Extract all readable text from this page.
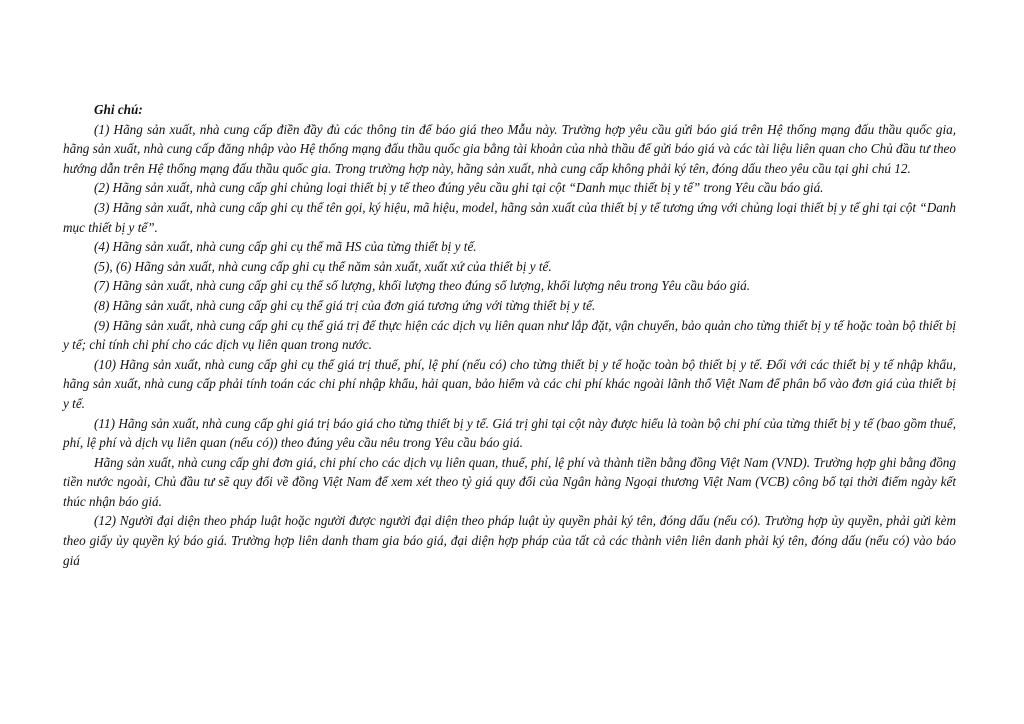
Ghi chú:

(1) Hãng sản xuất, nhà cung cấp điền đầy đủ các thông tin để báo giá theo Mẫu này. Trường hợp yêu cầu gửi báo giá trên Hệ thống mạng đấu thầu quốc gia, hãng sản xuất, nhà cung cấp đăng nhập vào Hệ thống mạng đấu thầu quốc gia bằng tài khoản của nhà thầu để gửi báo giá và các tài liệu liên quan cho Chủ đầu tư theo hướng dẫn trên Hệ thống mạng đấu thầu quốc gia. Trong trường hợp này, hãng sản xuất, nhà cung cấp không phải ký tên, đóng dấu theo yêu cầu tại ghi chú 12.

(2) Hãng sản xuất, nhà cung cấp ghi chủng loại thiết bị y tế theo đúng yêu cầu ghi tại cột “Danh mục thiết bị y tế” trong Yêu cầu báo giá.

(3) Hãng sản xuất, nhà cung cấp ghi cụ thể tên gọi, ký hiệu, mã hiệu, model, hãng sản xuất của thiết bị y tế tương ứng với chủng loại thiết bị y tế ghi tại cột “Danh mục thiết bị y tế”.

(4) Hãng sản xuất, nhà cung cấp ghi cụ thể mã HS của từng thiết bị y tế.

(5), (6) Hãng sản xuất, nhà cung cấp ghi cụ thể năm sản xuất, xuất xứ của thiết bị y tế.

(7) Hãng sản xuất, nhà cung cấp ghi cụ thể số lượng, khối lượng theo đúng số lượng, khối lượng nêu trong Yêu cầu báo giá.

(8) Hãng sản xuất, nhà cung cấp ghi cụ thể giá trị của đơn giá tương ứng với từng thiết bị y tế.

(9) Hãng sản xuất, nhà cung cấp ghi cụ thể giá trị để thực hiện các dịch vụ liên quan như lắp đặt, vận chuyển, bảo quản cho từng thiết bị y tế hoặc toàn bộ thiết bị y tế; chỉ tính chi phí cho các dịch vụ liên quan trong nước.

(10) Hãng sản xuất, nhà cung cấp ghi cụ thể giá trị thuế, phí, lệ phí (nếu có) cho từng thiết bị y tế hoặc toàn bộ thiết bị y tế. Đối với các thiết bị y tế nhập khẩu, hãng sản xuất, nhà cung cấp phải tính toán các chi phí nhập khẩu, hải quan, bảo hiểm và các chi phí khác ngoài lãnh thổ Việt Nam để phân bổ vào đơn giá của thiết bị y tế.

(11) Hãng sản xuất, nhà cung cấp ghi giá trị báo giá cho từng thiết bị y tế. Giá trị ghi tại cột này được hiểu là toàn bộ chi phí của từng thiết bị y tế (bao gồm thuế, phí, lệ phí và dịch vụ liên quan (nếu có)) theo đúng yêu cầu nêu trong Yêu cầu báo giá.

Hãng sản xuất, nhà cung cấp ghi đơn giá, chi phí cho các dịch vụ liên quan, thuế, phí, lệ phí và thành tiền bằng đồng Việt Nam (VND). Trường hợp ghi bằng đồng tiền nước ngoài, Chủ đầu tư sẽ quy đổi về đồng Việt Nam để xem xét theo tỷ giá quy đổi của Ngân hàng Ngoại thương Việt Nam (VCB) công bố tại thời điểm ngày kết thúc nhận báo giá.

(12) Người đại diện theo pháp luật hoặc người được người đại diện theo pháp luật ủy quyền phải ký tên, đóng dấu (nếu có). Trường hợp ủy quyền, phải gửi kèm theo giấy ủy quyền ký báo giá. Trường hợp liên danh tham gia báo giá, đại diện hợp pháp của tất cả các thành viên liên danh phải ký tên, đóng dấu (nếu có) vào báo giá
